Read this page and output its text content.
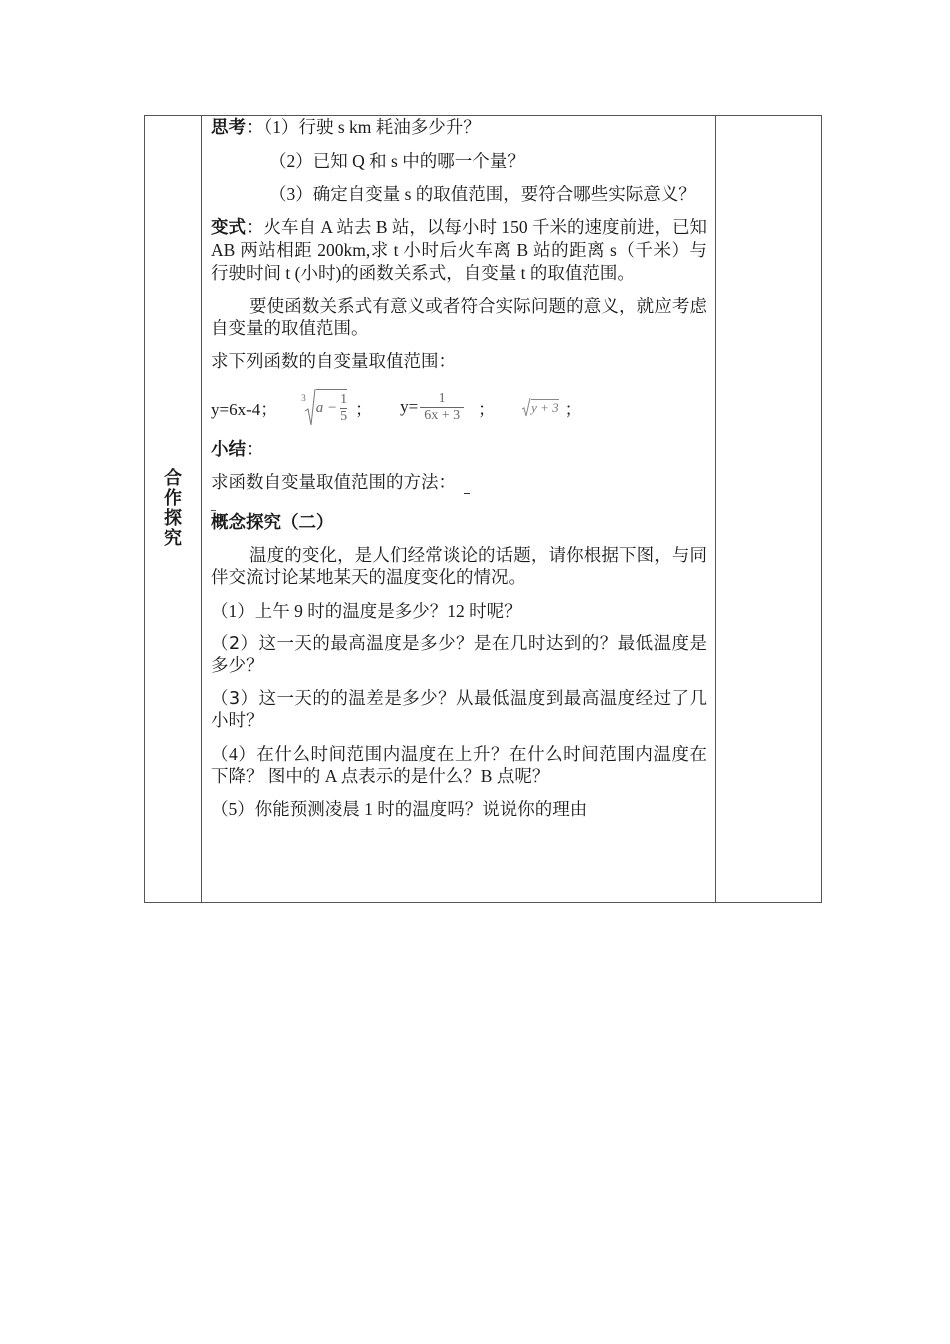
合作探究	

思考：（1）行驶 s km 耗油多少升？

（2）已知 Q 和 s 中的哪一个量？

（3）确定自变量 s 的取值范围，要符合哪些实际意义？

变式：火车自 A 站去 B 站，以每小时 150 千米的速度前进，已知 AB 两站相距 200km,求 t 小时后火车离 B 站的距离 s（千米）与行驶时间 t (小时)的函数关系式，自变量 t 的取值范围。

要使函数关系式有意义或者符合实际问题的意义，就应考虑自变量的取值范围。

求下列函数的自变量取值范围：

y=6x-4；
3
$a - \frac{1}{5}$ ； $y= \frac{1}{6x + 3}$ ；	y + 3 ；

小结：

求函数自变量取值范围的方法：

概念探究（二）

温度的变化，是人们经常谈论的话题，请你根据下图，与同伴交流讨论某地某天的温度变化的情况。

（1）上午 9 时的温度是多少？12 时呢？

（2）这一天的最高温度是多少？是在几时达到的？最低温度是多少？

（3）这一天的的温差是多少？从最低温度到最高温度经过了几小时？

（4）在什么时间范围内温度在上升？在什么时间范围内温度在下降？ 图中的 A 点表示的是什么？B 点呢？

（5）你能预测凌晨 1 时的温度吗？说说你的理由
